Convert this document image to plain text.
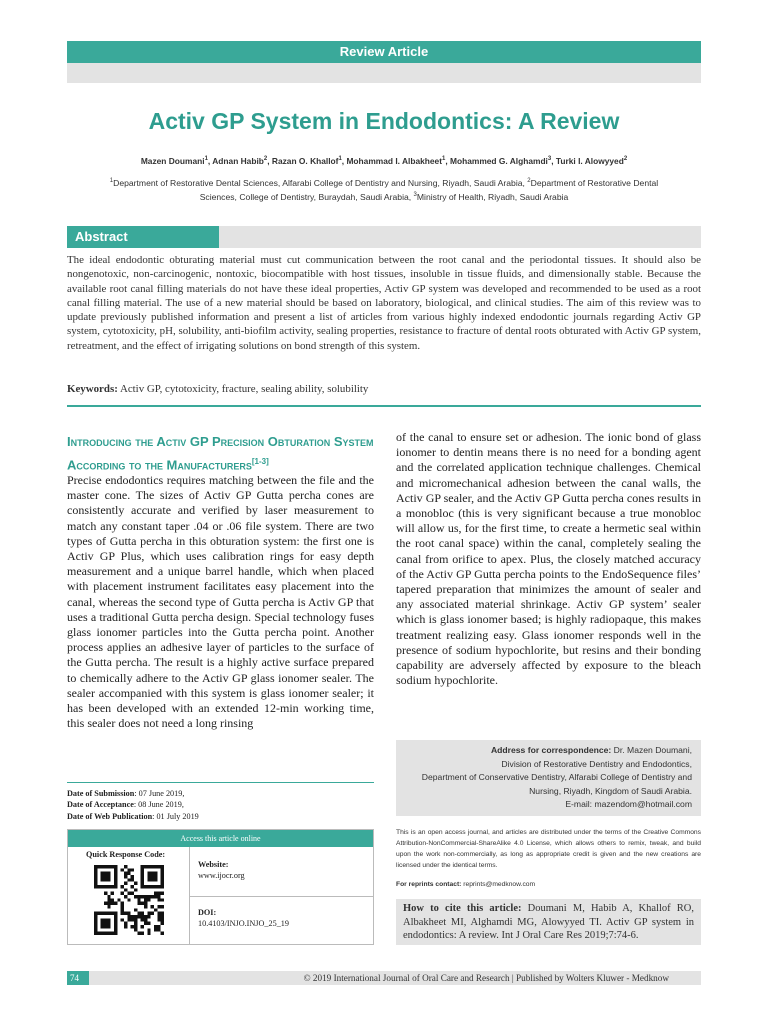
Review Article
Activ GP System in Endodontics: A Review
Mazen Doumani$^1$, Adnan Habib$^2$, Razan O. Khallof$^1$, Mohammad I. Albakheet$^1$, Mohammed G. Alghamdi$^3$, Turki I. Alowyyed$^2$
$^1$Department of Restorative Dental Sciences, Alfarabi College of Dentistry and Nursing, Riyadh, Saudi Arabia, $^2$Department of Restorative Dental Sciences, College of Dentistry, Buraydah, Saudi Arabia, $^3$Ministry of Health, Riyadh, Saudi Arabia
Abstract

The ideal endodontic obturating material must cut communication between the root canal and the periodontal tissues. It should also be nongenotoxic, non-carcinogenic, nontoxic, biocompatible with host tissues, insoluble in tissue fluids, and dimensionally stable. Because the available root canal filling materials do not have these ideal properties, Activ GP system was developed and recommended to be used as a root canal filling material. The use of a new material should be based on laboratory, biological, and clinical studies. The aim of this review was to update previously published information and present a list of articles from various highly indexed endodontic journals regarding Activ GP system, cytotoxicity, pH, solubility, anti-biofilm activity, sealing properties, resistance to fracture of dental roots obturated with Activ GP system, retreatment, and the effect of irrigating solutions on bond strength of this system.

Keywords: Activ GP, cytotoxicity, fracture, sealing ability, solubility

Introducing the Activ GP Precision Obturation System According to the Manufacturers[1-3]

Precise endodontics requires matching between the file and the master cone. The sizes of Activ GP Gutta percha cones are consistently accurate and verified by laser measurement to match any constant taper .04 or .06 file system. There are two types of Gutta percha in this obturation system: the first one is Activ GP Plus, which uses calibration rings for easy depth measurement and a unique barrel handle, which when placed with placement instrument facilitates easy placement into the canal, whereas the second type of Gutta percha is Activ GP that uses a traditional Gutta percha design. Special technology fuses glass ionomer particles into the Gutta percha point. Another process applies an adhesive layer of particles to the surface of the Gutta percha. The result is a highly active surface prepared to chemically adhere to the Activ GP glass ionomer sealer. The sealer accompanied with this system is glass ionomer sealer; it has been developed with an extended 12-min working time, this sealer does not need a long rinsing

of the canal to ensure set or adhesion. The ionic bond of glass ionomer to dentin means there is no need for a bonding agent and the correlated application technique challenges. Chemical and micromechanical adhesion between the canal walls, the Activ GP sealer, and the Activ GP Gutta percha cones results in a monobloc (this is very significant because a true monobloc will allow us, for the first time, to create a hermetic seal within the root canal space) within the canal, completely sealing the canal from orifice to apex. Plus, the closely matched accuracy of the Activ GP Gutta percha points to the EndoSequence files’ tapered preparation that minimizes the amount of sealer and any associated material shrinkage. Activ GP system’ sealer which is glass ionomer based; is highly radiopaque, this makes treatment realizing easy. Glass ionomer responds well in the presence of sodium hypochlorite, but resins and their bonding capability are adversely affected by exposure to the bleach sodium hypochlorite.

Date of Submission: 07 June 2019,
Date of Acceptance: 08 June 2019,
Date of Web Publication: 01 July 2019
Access this article online
Quick Response Code:
Website:
www.ijocr.org
DOI:
10.4103/INJO.INJO_25_19
Address for correspondence: Dr. Mazen Doumani,
Division of Restorative Dentistry and Endodontics,
Department of Conservative Dentistry, Alfarabi College of Dentistry and
Nursing, Riyadh, Kingdom of Saudi Arabia.
E-mail: mazendom@hotmail.com

This is an open access journal, and articles are distributed under the terms of the Creative Commons Attribution-NonCommercial-ShareAlike 4.0 License, which allows others to remix, tweak, and build upon the work non-commercially, as long as appropriate credit is given and the new creations are licensed under the identical terms.

For reprints contact: reprints@medknow.com

How to cite this article: Doumani M, Habib A, Khallof RO, Albakheet MI, Alghamdi MG, Alowyyed TI. Activ GP system in endodontics: A review. Int J Oral Care Res 2019;7:74-6.
74	© 2019 International Journal of Oral Care and Research | Published by Wolters Kluwer - Medknow
